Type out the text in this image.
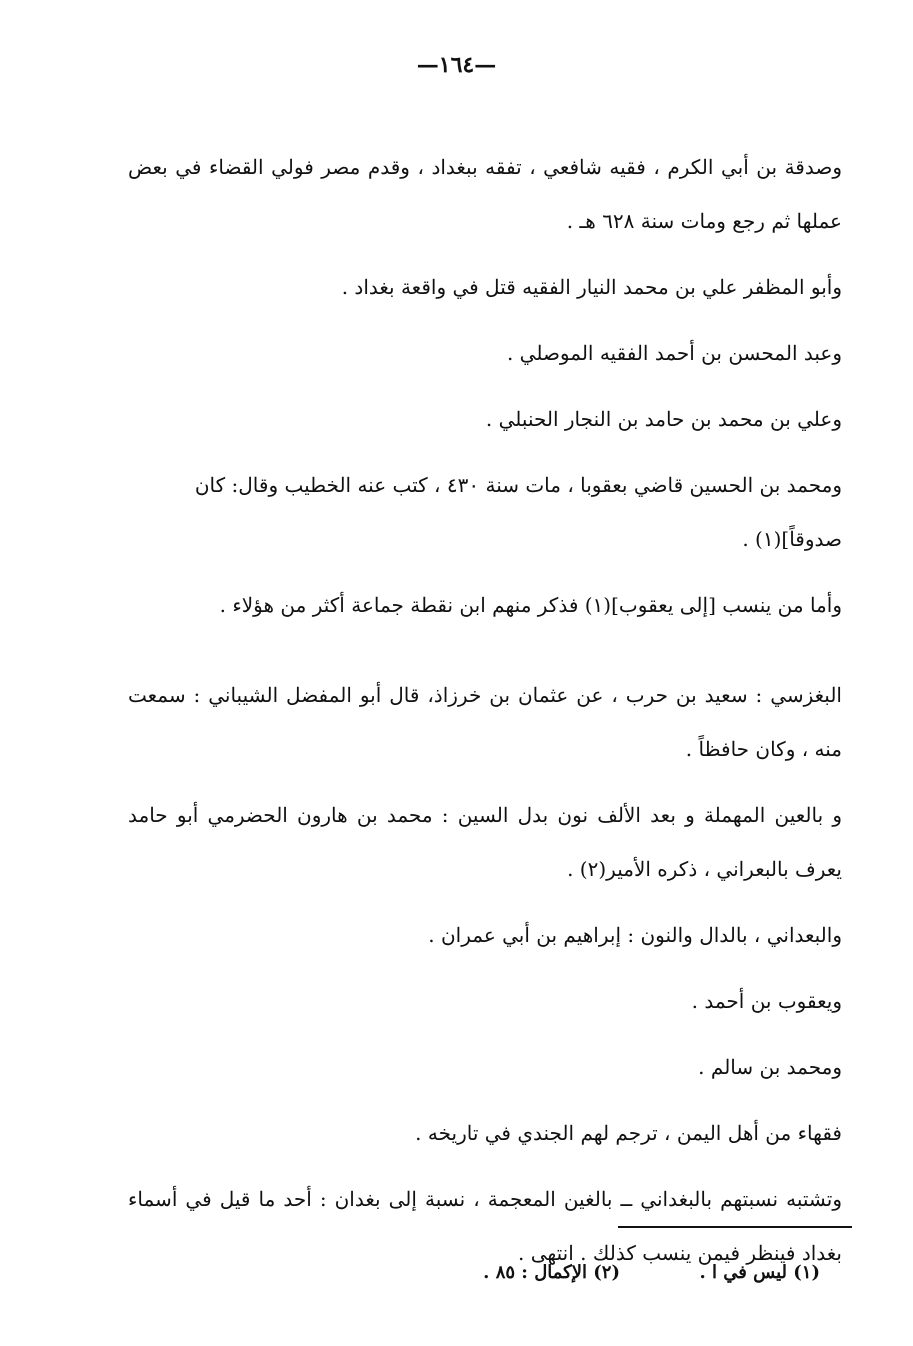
—١٦٤—

وصدقة بن أبي الكرم ، فقيه شافعي ، تفقه ببغداد ، وقدم مصر فولي القضاء في بعض عملها ثم رجع ومات سنة ٦٢٨ هـ .

وأبو المظفر علي بن محمد النيار الفقيه قتل في واقعة بغداد .

وعبد المحسن بن أحمد الفقيه الموصلي .

وعلي بن محمد بن حامد بن النجار الحنبلي .

ومحمد بن الحسين قاضي بعقوبا ، مات سنة ٤٣٠ ، كتب عنه الخطيب وقال: كان صدوقاً](١) .

وأما من ينسب [إلى يعقوب](١) فذكر منهم ابن نقطة جماعة أكثر من هؤلاء .

البغزسي : سعيد بن حرب ، عن عثمان بن خرزاذ، قال أبو المفضل الشيباني : سمعت منه ، وكان حافظاً .

و بالعين المهملة و بعد الألف نون بدل السين : محمد بن هارون الحضرمي أبو حامد يعرف بالبعراني ، ذكره الأمير(٢) .

والبعداني ، بالدال والنون : إبراهيم بن أبي عمران .

ويعقوب بن أحمد .

ومحمد بن سالم .

فقهاء من أهل اليمن ، ترجم لهم الجندي في تاريخه .

وتشتبه نسبتهم بالبغداني ــ بالغين المعجمة ، نسبة إلى بغدان : أحد ما قيل في أسماء بغداد فينظر فيمن ينسب كذلك . انتهى .

(١) ليس في ا .
(٢) الإكمال : ٨٥ .
